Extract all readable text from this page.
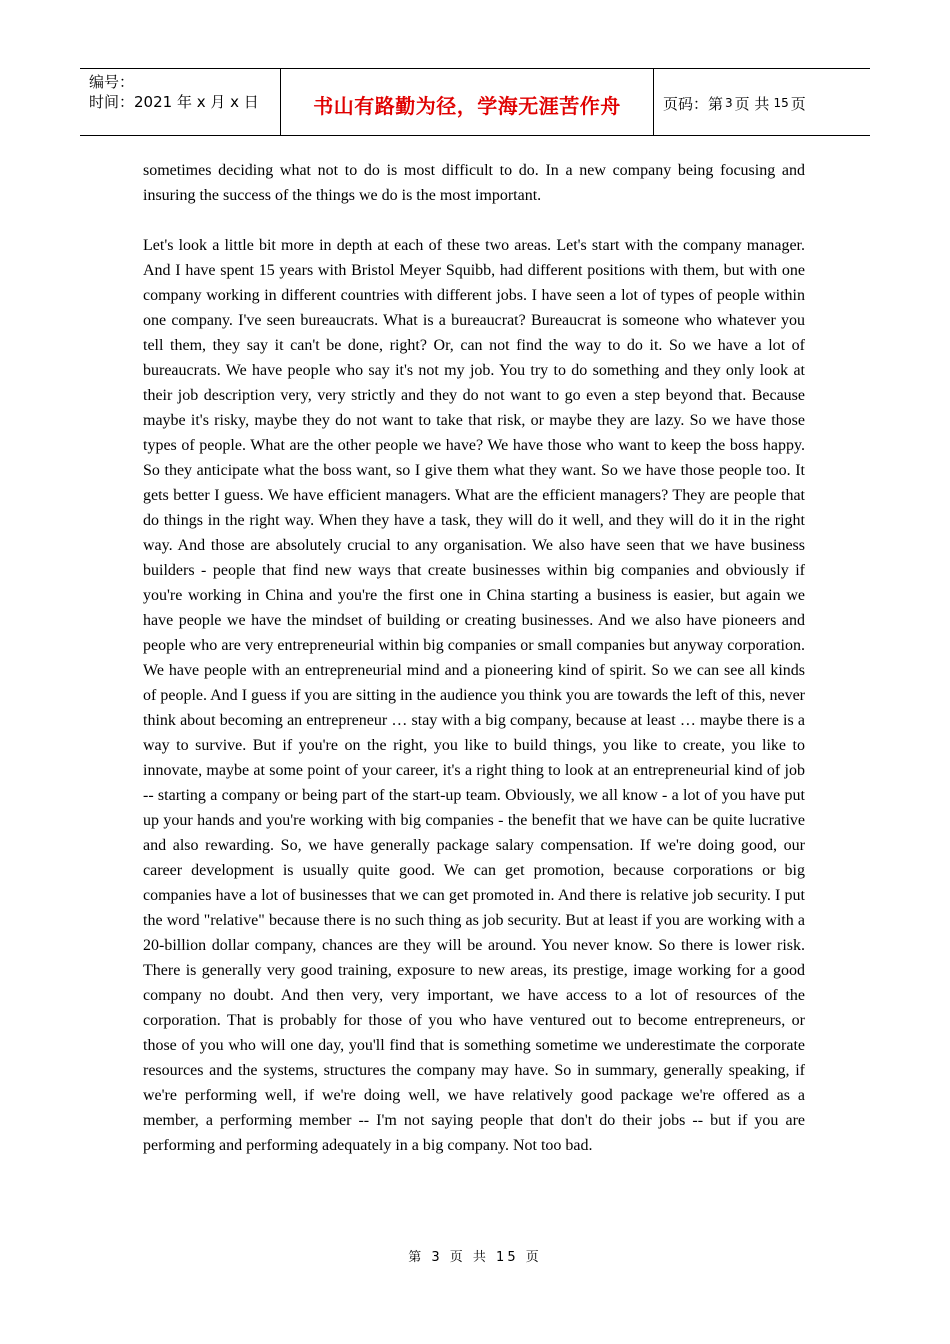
编号：
时间：2021 年 x 月 x 日	书山有路勤为径，学海无涯苦作舟	页码：第 3 页 共 15 页

sometimes deciding what not to do is most difficult to do. In a new company being focusing and insuring the success of the things we do is the most important.

Let's look a little bit more in depth at each of these two areas. Let's start with the company manager. And I have spent 15 years with Bristol Meyer Squibb, had different positions with them, but with one company working in different countries with different jobs. I have seen a lot of types of people within one company. I've seen bureaucrats. What is a bureaucrat? Bureaucrat is someone who whatever you tell them, they say it can't be done, right? Or, can not find the way to do it. So we have a lot of bureaucrats. We have people who say it's not my job. You try to do something and they only look at their job description very, very strictly and they do not want to go even a step beyond that. Because maybe it's risky, maybe they do not want to take that risk, or maybe they are lazy. So we have those types of people. What are the other people we have? We have those who want to keep the boss happy. So they anticipate what the boss want, so I give them what they want. So we have those people too. It gets better I guess. We have efficient managers. What are the efficient managers? They are people that do things in the right way. When they have a task, they will do it well, and they will do it in the right way. And those are absolutely crucial to any organisation. We also have seen that we have business builders - people that find new ways that create businesses within big companies and obviously if you're working in China and you're the first one in China starting a business is easier, but again we have people we have the mindset of building or creating businesses. And we also have pioneers and people who are very entrepreneurial within big companies or small companies but anyway corporation. We have people with an entrepreneurial mind and a pioneering kind of spirit. So we can see all kinds of people. And I guess if you are sitting in the audience you think you are towards the left of this, never think about becoming an entrepreneur … stay with a big company, because at least … maybe there is a way to survive. But if you're on the right, you like to build things, you like to create, you like to innovate, maybe at some point of your career, it's a right thing to look at an entrepreneurial kind of job -- starting a company or being part of the start-up team. Obviously, we all know - a lot of you have put up your hands and you're working with big companies - the benefit that we have can be quite lucrative and also rewarding. So, we have generally package salary compensation. If we're doing good, our career development is usually quite good. We can get promotion, because corporations or big companies have a lot of businesses that we can get promoted in. And there is relative job security. I put the word "relative" because there is no such thing as job security. But at least if you are working with a 20-billion dollar company, chances are they will be around. You never know. So there is lower risk. There is generally very good training, exposure to new areas, its prestige, image working for a good company no doubt. And then very, very important, we have access to a lot of resources of the corporation. That is probably for those of you who have ventured out to become entrepreneurs, or those of you who will one day, you'll find that is something sometime we underestimate the corporate resources and the systems, structures the company may have. So in summary, generally speaking, if we're performing well, if we're doing well, we have relatively good package we're offered as a member, a performing member -- I'm not saying people that don't do their jobs -- but if you are performing and performing adequately in a big company. Not too bad.

第 3 页 共 15 页
